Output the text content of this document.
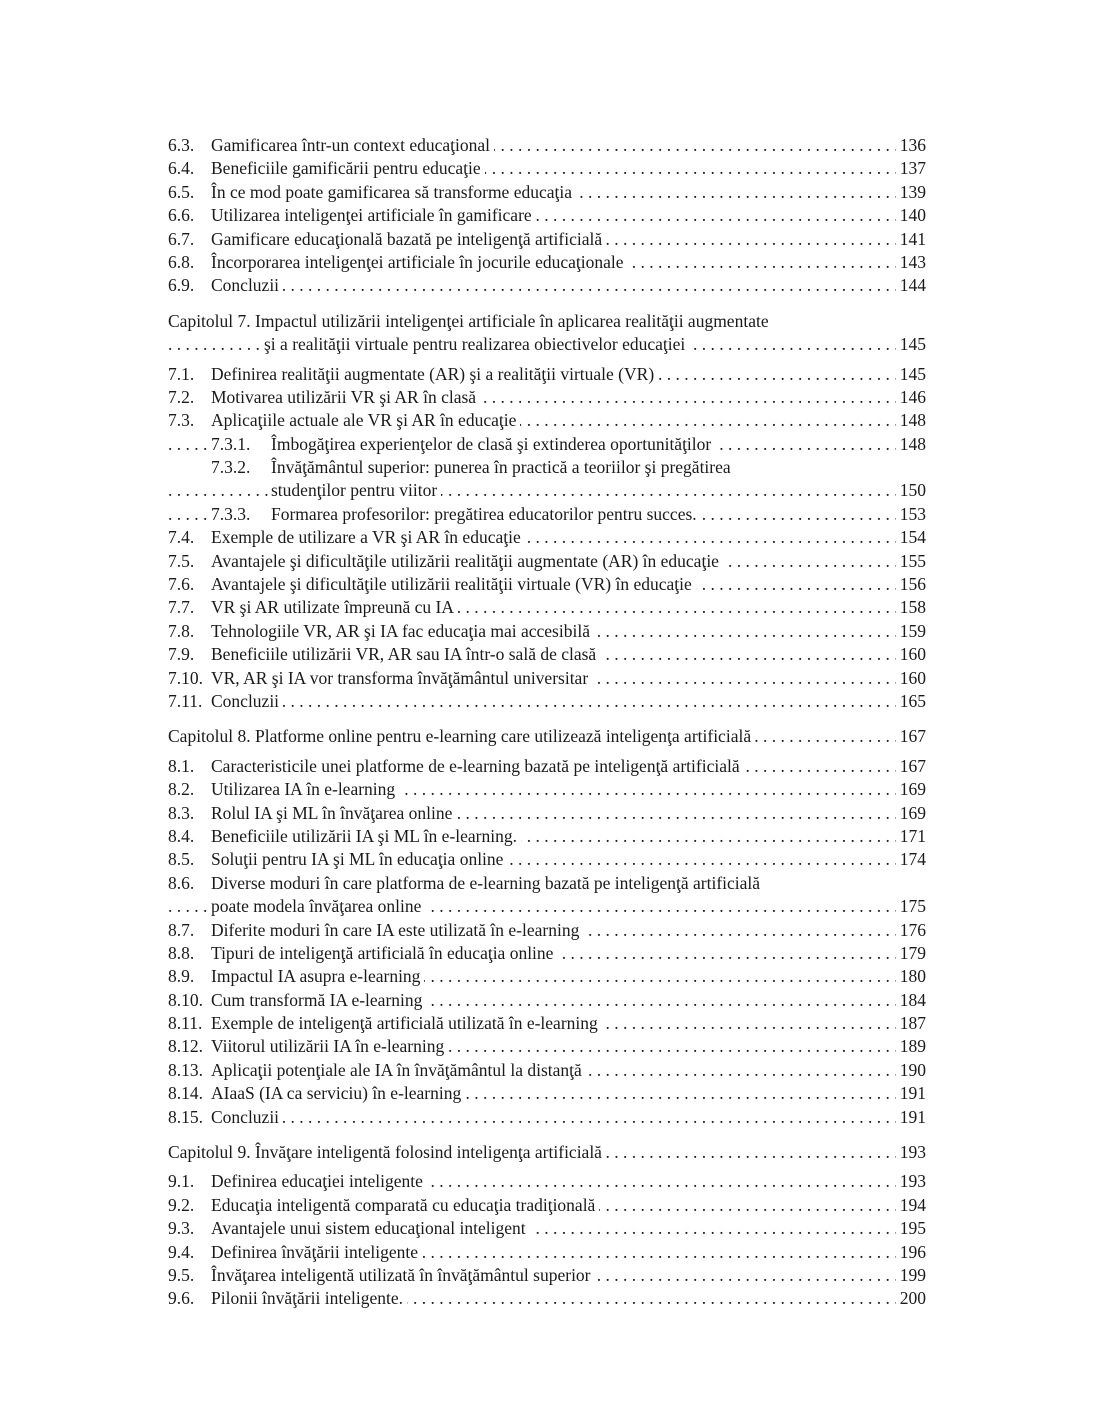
. . .
6.3. Gamificarea într-un context educaţional	136
. . .
6.4. Beneficiile gamificării pentru educaţie	137
. . .
6.5. În ce mod poate gamificarea să transforme educaţia	139
. . .
6.6. Utilizarea inteligenţei artificiale în gamificare	140
. . .
6.7. Gamificare educaţională bazată pe inteligenţă artificială	141
. . .
6.8. Încorporarea inteligenţei artificiale în jocurile educaţionale	143
. . .
6.9. Concluzii	144
Capitolul 7. Impactul utilizării inteligenţei artificiale în aplicarea realităţii augmentate
. . .
şi a realităţii virtuale pentru realizarea obiectivelor educaţiei	145
. . .
7.1. Definirea realităţii augmentate (AR) şi a realităţii virtuale (VR)	145
. . .
7.2. Motivarea utilizării VR şi AR în clasă	146
. . .
7.3. Aplicaţiile actuale ale VR şi AR în educaţie	148
. . .
7.3.1. Îmbogăţirea experienţelor de clasă şi extinderea oportunităţilor	148
7.3.2. Învăţământul superior: punerea în practică a teoriilor şi pregătirea
. . .
studenţilor pentru viitor	150
. . .
7.3.3. Formarea profesorilor: pregătirea educatorilor pentru succes.	153
. . .
7.4. Exemple de utilizare a VR şi AR în educaţie	154
. . .
7.5. Avantajele şi dificultăţile utilizării realităţii augmentate (AR) în educaţie	155
. . .
7.6. Avantajele şi dificultăţile utilizării realităţii virtuale (VR) în educaţie	156
. . .
7.7. VR şi AR utilizate împreună cu IA	158
. . .
7.8. Tehnologiile VR, AR şi IA fac educaţia mai accesibilă	159
. . .
7.9. Beneficiile utilizării VR, AR sau IA într-o sală de clasă	160
. . .
7.10. VR, AR şi IA vor transforma învăţământul universitar	160
. . .
7.11. Concluzii	165
. . .
Capitolul 8. Platforme online pentru e-learning care utilizează inteligenţa artificială	167
. . .
8.1. Caracteristicile unei platforme de e-learning bazată pe inteligenţă artificială	167
. . .
8.2. Utilizarea IA în e-learning	169
. . .
8.3. Rolul IA şi ML în învăţarea online	169
. . .
8.4. Beneficiile utilizării IA şi ML în e-learning.	171
. . .
8.5. Soluţii pentru IA şi ML în educaţia online	174
8.6. Diverse moduri în care platforma de e-learning bazată pe inteligenţă artificială
. . .
poate modela învăţarea online	175
. . .
8.7. Diferite moduri în care IA este utilizată în e-learning	176
. . .
8.8. Tipuri de inteligenţă artificială în educaţia online	179
. . .
8.9. Impactul IA asupra e-learning	180
. . .
8.10. Cum transformă IA e-learning	184
. . .
8.11. Exemple de inteligenţă artificială utilizată în e-learning	187
. . .
8.12. Viitorul utilizării IA în e-learning	189
. . .
8.13. Aplicaţii potenţiale ale IA în învăţământul la distanţă	190
. . .
8.14. AIaaS (IA ca serviciu) în e-learning	191
. . .
8.15. Concluzii	191
. . .
Capitolul 9. Învăţare inteligentă folosind inteligenţa artificială	193
. . .
9.1. Definirea educaţiei inteligente	193
. . .
9.2. Educaţia inteligentă comparată cu educaţia tradiţională	194
. . .
9.3. Avantajele unui sistem educaţional inteligent	195
. . .
9.4. Definirea învăţării inteligente	196
. . .
9.5. Învăţarea inteligentă utilizată în învăţământul superior	199
. . .
9.6. Pilonii învăţării inteligente.	200
